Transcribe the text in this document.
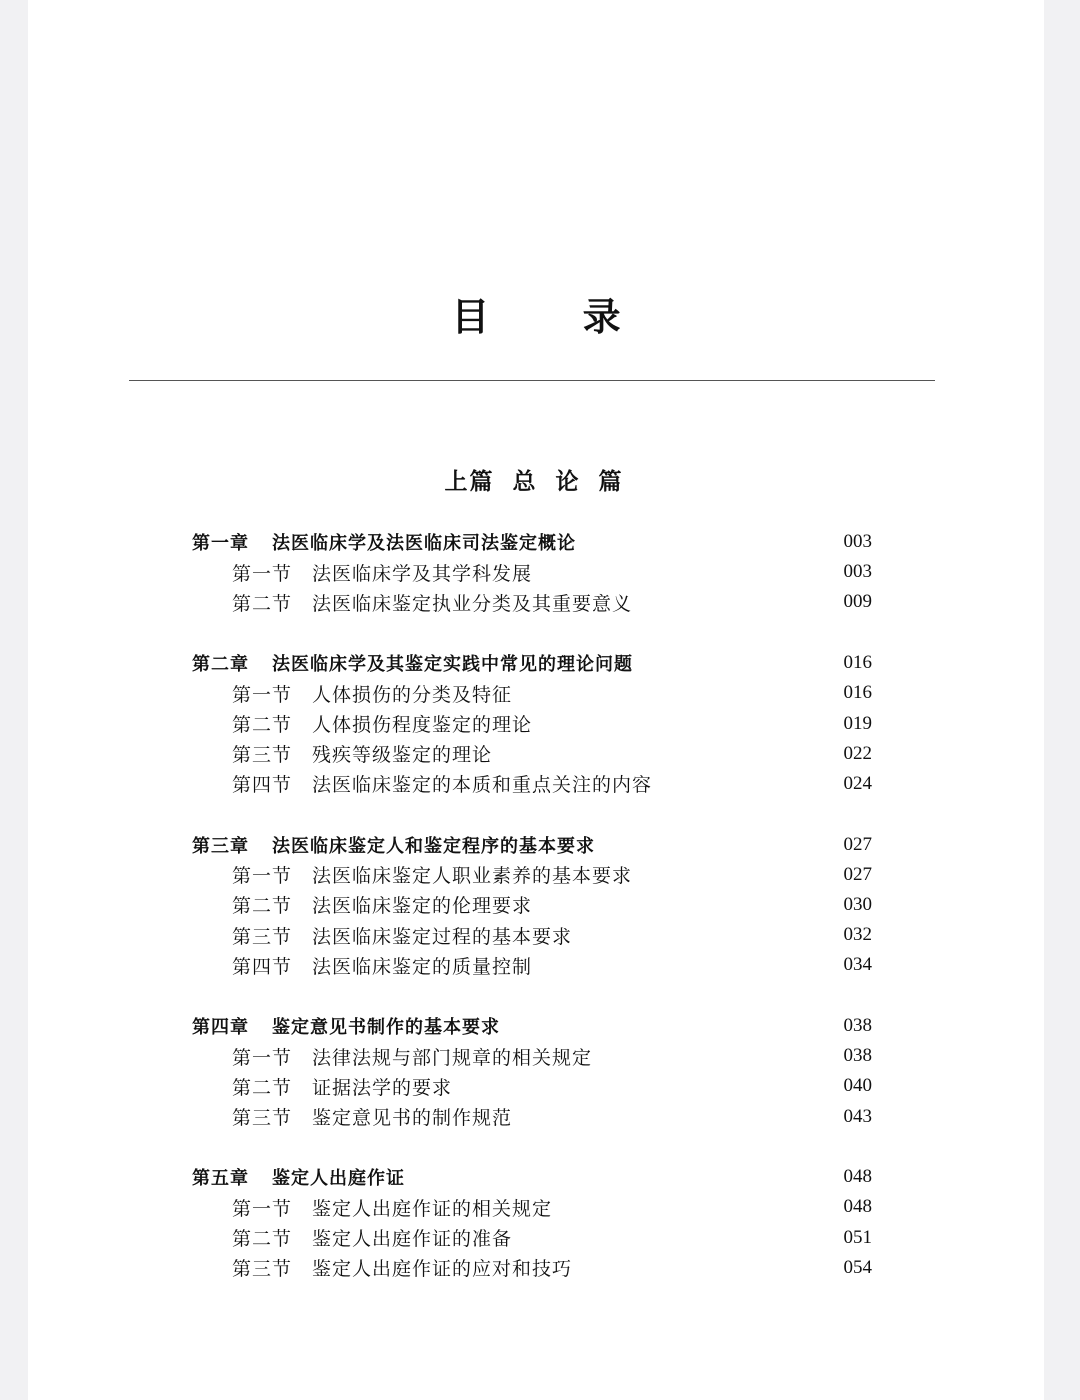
目 录
上篇 总 论 篇
第一章	法医临床学及法医临床司法鉴定概论	003
第一节	法医临床学及其学科发展	003
第二节	法医临床鉴定执业分类及其重要意义	009
第二章	法医临床学及其鉴定实践中常见的理论问题	016
第一节	人体损伤的分类及特征	016
第二节	人体损伤程度鉴定的理论	019
第三节	残疾等级鉴定的理论	022
第四节	法医临床鉴定的本质和重点关注的内容	024
第三章	法医临床鉴定人和鉴定程序的基本要求	027
第一节	法医临床鉴定人职业素养的基本要求	027
第二节	法医临床鉴定的伦理要求	030
第三节	法医临床鉴定过程的基本要求	032
第四节	法医临床鉴定的质量控制	034
第四章	鉴定意见书制作的基本要求	038
第一节	法律法规与部门规章的相关规定	038
第二节	证据法学的要求	040
第三节	鉴定意见书的制作规范	043
第五章	鉴定人出庭作证	048
第一节	鉴定人出庭作证的相关规定	048
第二节	鉴定人出庭作证的准备	051
第三节	鉴定人出庭作证的应对和技巧	054
